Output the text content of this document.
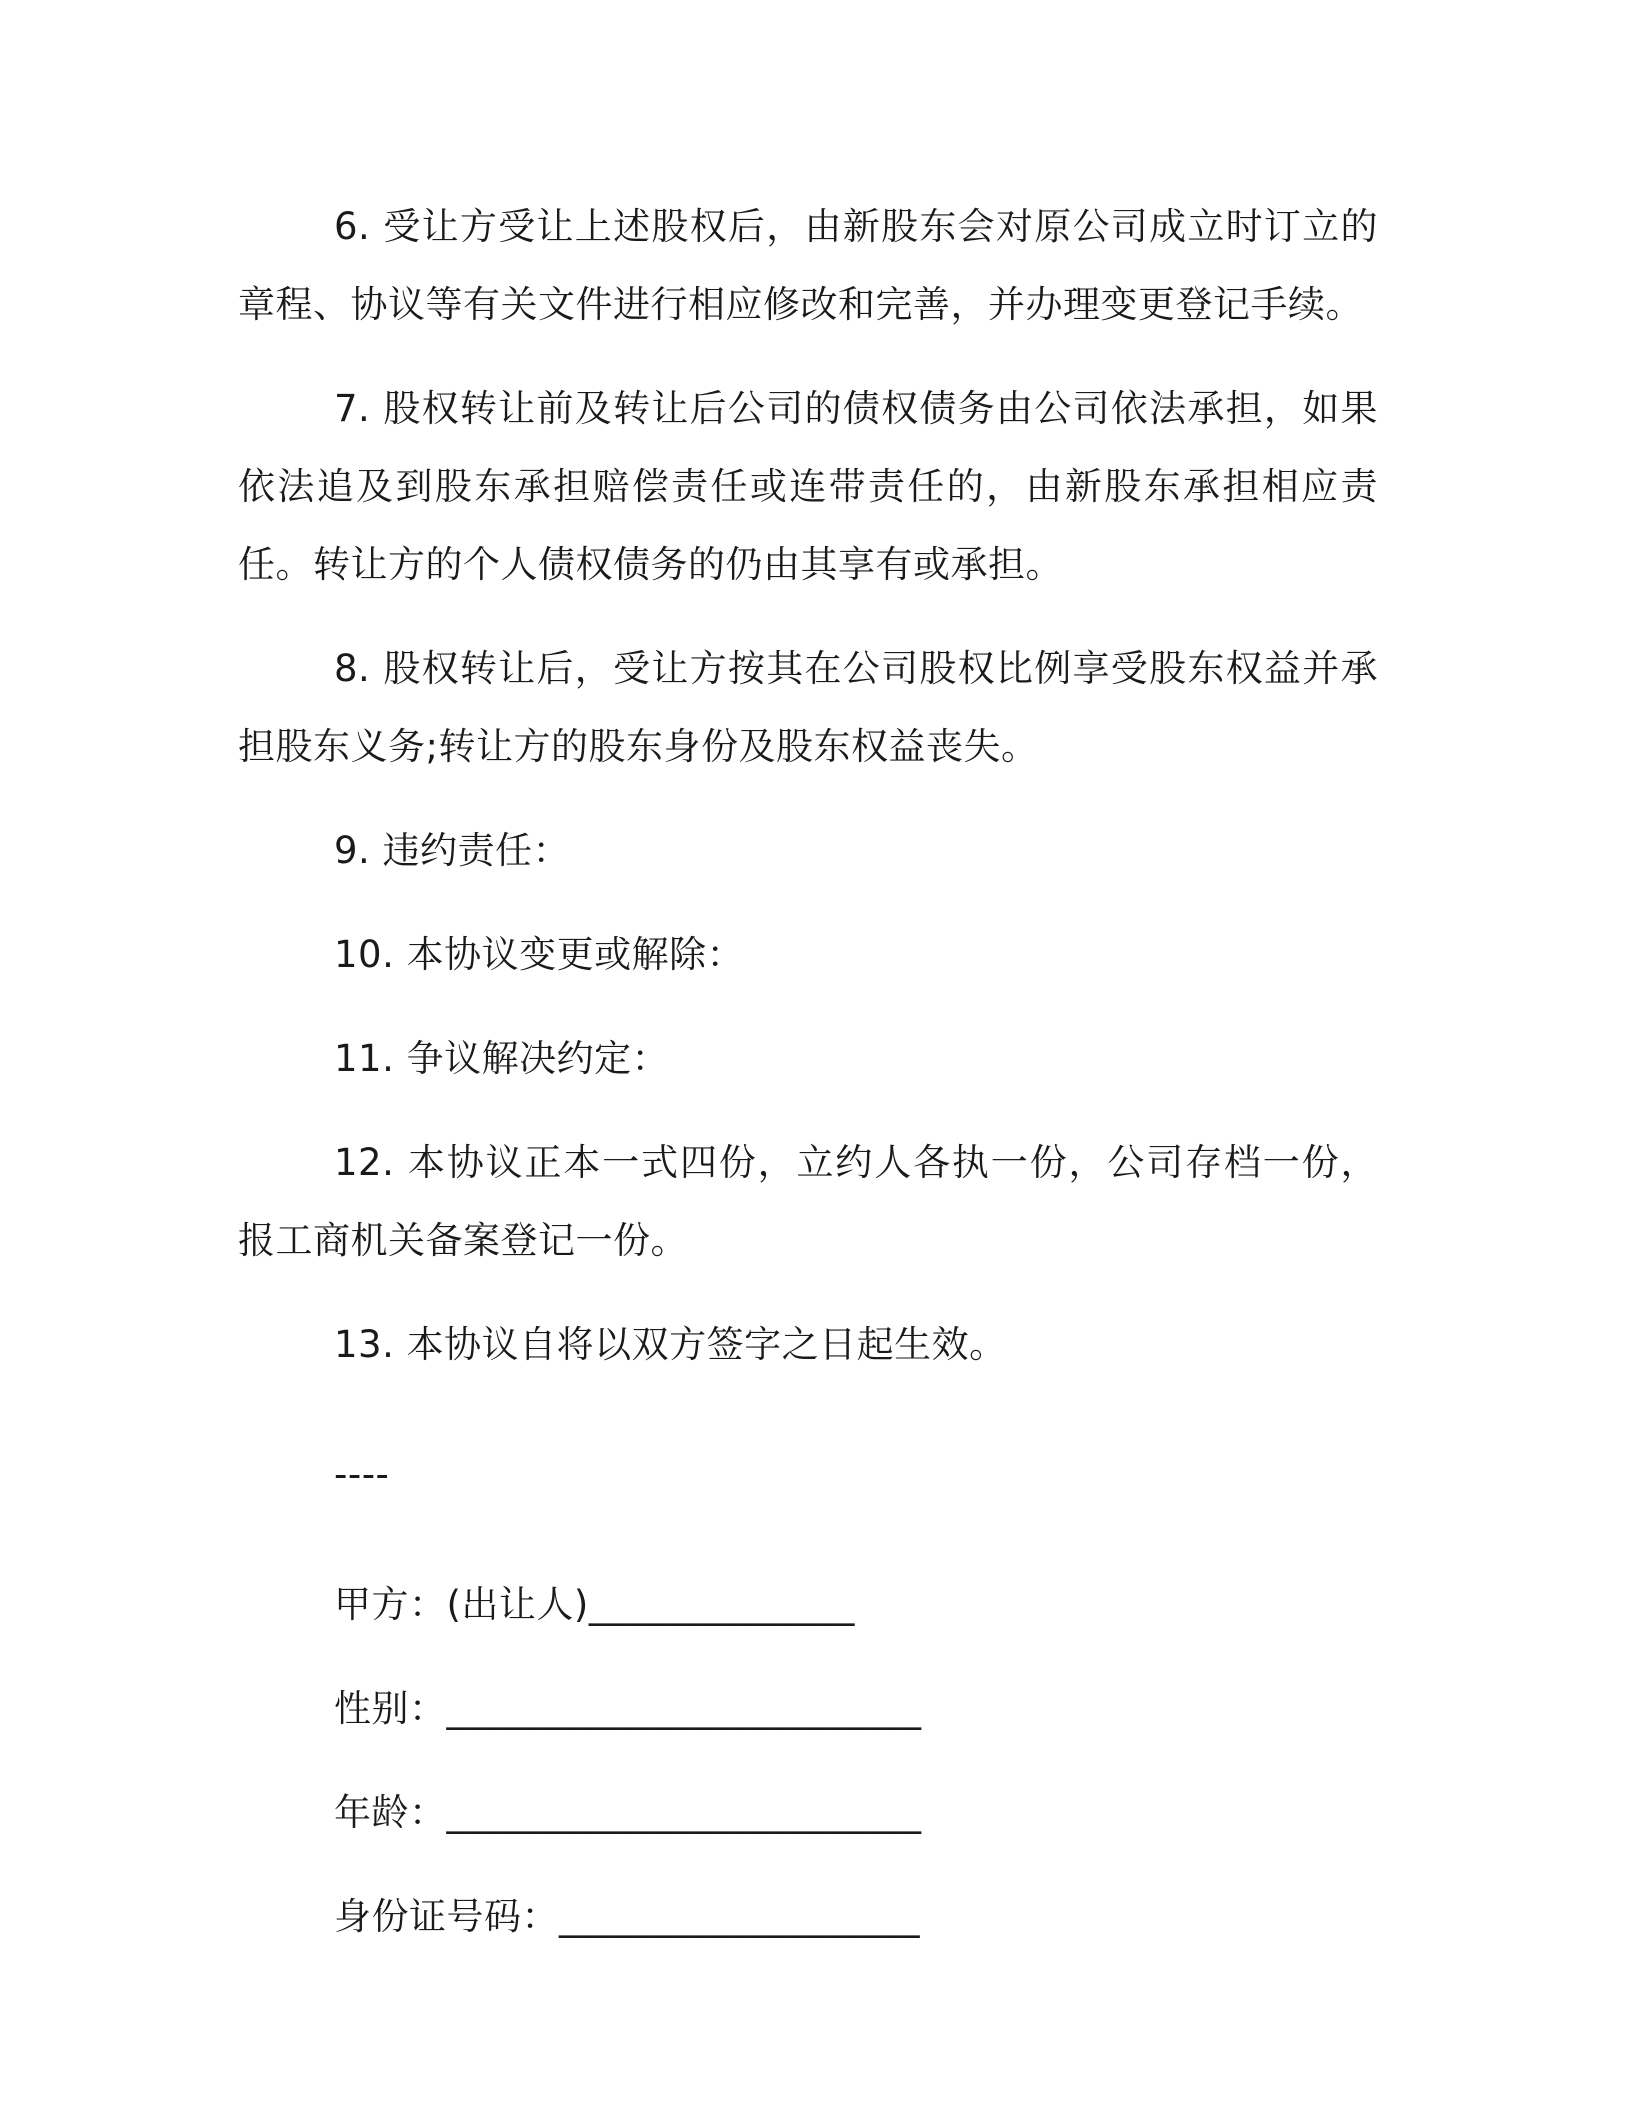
6. 受让方受让上述股权后，由新股东会对原公司成立时订立的章程、协议等有关文件进行相应修改和完善，并办理变更登记手续。

7. 股权转让前及转让后公司的债权债务由公司依法承担，如果依法追及到股东承担赔偿责任或连带责任的，由新股东承担相应责任。转让方的个人债权债务的仍由其享有或承担。

8. 股权转让后，受让方按其在公司股权比例享受股东权益并承担股东义务;转让方的股东身份及股东权益丧失。

9. 违约责任：

10. 本协议变更或解除：

11. 争议解决约定：

12. 本协议正本一式四份，立约人各执一份，公司存档一份，报工商机关备案登记一份。

13. 本协议自将以双方签字之日起生效。

----

甲方：(出让人)______________

性别：_________________________

年龄：_________________________

身份证号码：___________________
